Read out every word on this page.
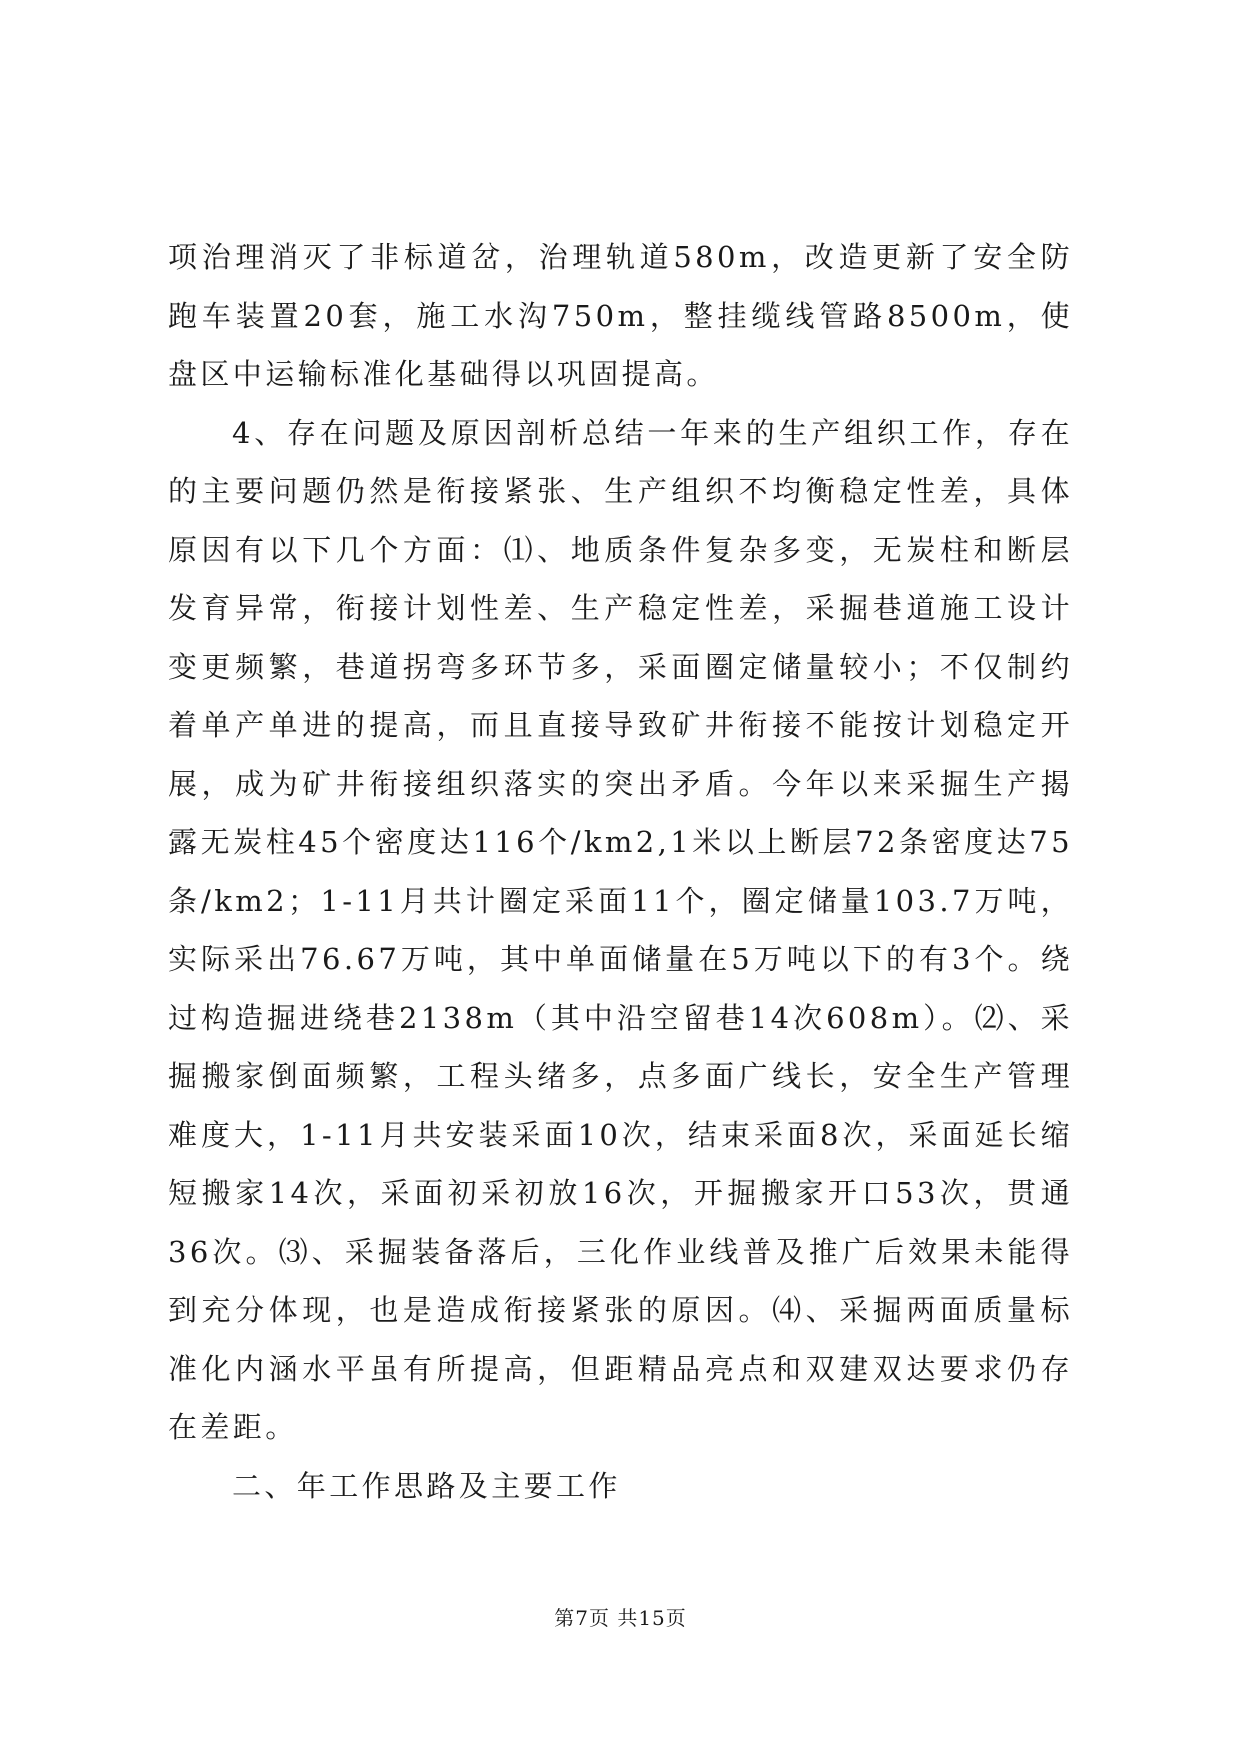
项治理消灭了非标道岔，治理轨道580m，改造更新了安全防跑车装置20套，施工水沟750m，整挂缆线管路8500m，使盘区中运输标准化基础得以巩固提高。

4、存在问题及原因剖析总结一年来的生产组织工作，存在的主要问题仍然是衔接紧张、生产组织不均衡稳定性差，具体原因有以下几个方面：⑴、地质条件复杂多变，无炭柱和断层发育异常，衔接计划性差、生产稳定性差，采掘巷道施工设计变更频繁，巷道拐弯多环节多，采面圈定储量较小；不仅制约着单产单进的提高，而且直接导致矿井衔接不能按计划稳定开展，成为矿井衔接组织落实的突出矛盾。今年以来采掘生产揭露无炭柱45个密度达116个/km2,1米以上断层72条密度达75条/km2；1-11月共计圈定采面11个，圈定储量103.7万吨，实际采出76.67万吨，其中单面储量在5万吨以下的有3个。绕过构造掘进绕巷2138m（其中沿空留巷14次608m）。⑵、采掘搬家倒面频繁，工程头绪多，点多面广线长，安全生产管理难度大，1-11月共安装采面10次，结束采面8次，采面延长缩短搬家14次，采面初采初放16次，开掘搬家开口53次，贯通36次。⑶、采掘装备落后，三化作业线普及推广后效果未能得到充分体现，也是造成衔接紧张的原因。⑷、采掘两面质量标准化内涵水平虽有所提高，但距精品亮点和双建双达要求仍存在差距。

二、年工作思路及主要工作

第7页 共15页
